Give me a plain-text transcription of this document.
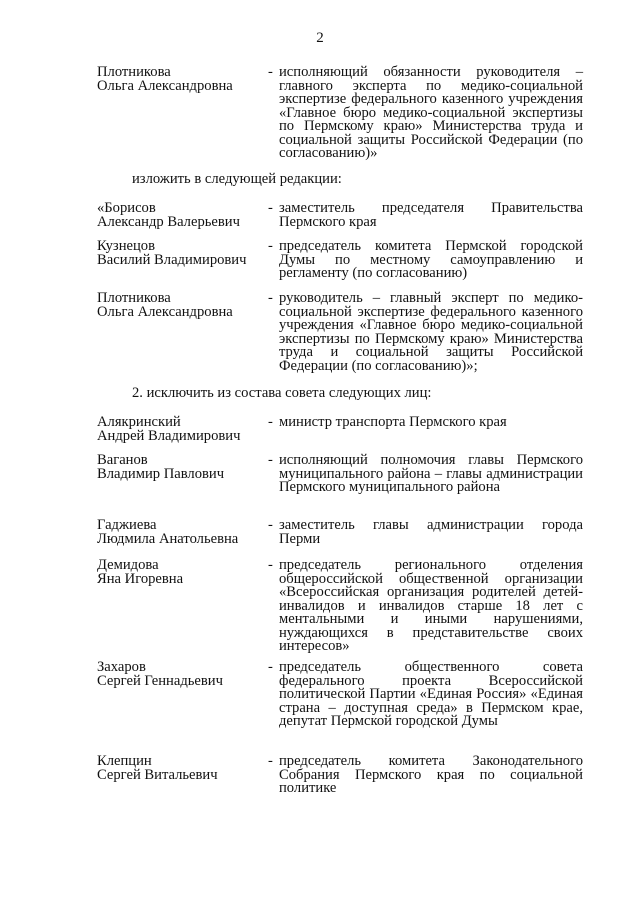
2
Плотникова
Ольга Александровна
- исполняющий обязанности руководителя – главного эксперта по медико-социальной экспертизе федерального казенного учреждения «Главное бюро медико-социальной экспертизы по Пермскому краю» Министерства труда и социальной защиты Российской Федерации (по согласованию)»
изложить в следующей редакции:
«Борисов
Александр Валерьевич
- заместитель председателя Правительства Пермского края
Кузнецов
Василий Владимирович
- председатель комитета Пермской городской Думы по местному самоуправлению и регламенту (по согласованию)
Плотникова
Ольга Александровна
- руководитель – главный эксперт по медико-социальной экспертизе федерального казенного учреждения «Главное бюро медико-социальной экспертизы по Пермскому краю» Министерства труда и социальной защиты Российской Федерации (по согласованию)»;
2. исключить из состава совета следующих лиц:
Алякринский
Андрей Владимирович
- министр транспорта Пермского края
Ваганов
Владимир Павлович
- исполняющий полномочия главы Пермского муниципального района – главы администрации Пермского муниципального района
Гаджиева
Людмила Анатольевна
- заместитель главы администрации города Перми
Демидова
Яна Игоревна
- председатель регионального отделения общероссийской общественной организации «Всероссийская организация родителей детей-инвалидов и инвалидов старше 18 лет с ментальными и иными нарушениями, нуждающихся в представительстве своих интересов»
Захаров
Сергей Геннадьевич
- председатель общественного совета федерального проекта Всероссийской политической Партии «Единая Россия» «Единая страна – доступная среда» в Пермском крае, депутат Пермской городской Думы
Клепцин
Сергей Витальевич
- председатель комитета Законодательного Собрания Пермского края по социальной политике
